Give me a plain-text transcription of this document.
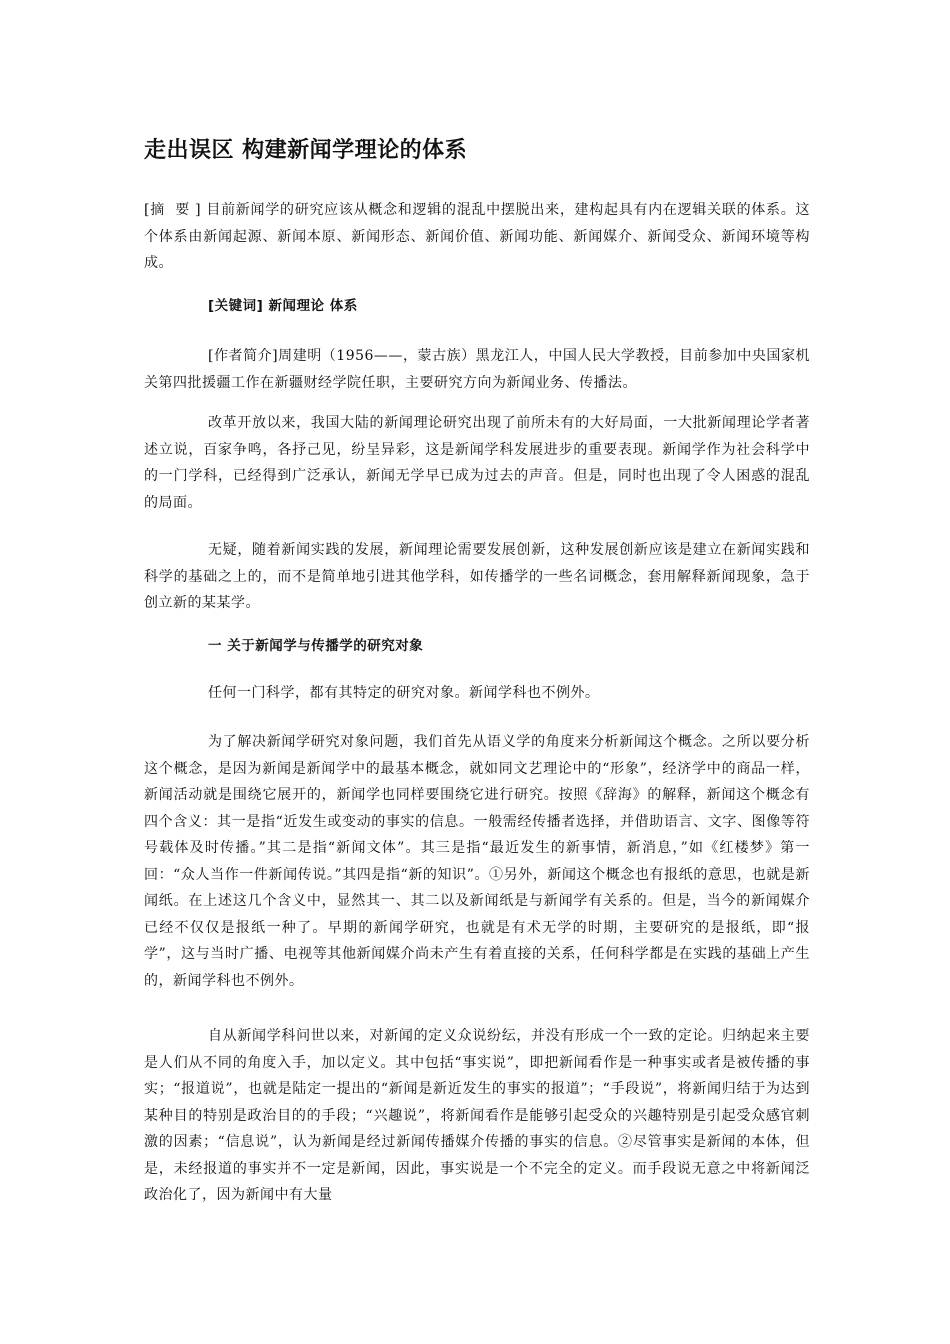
走出误区 构建新闻学理论的体系

[摘  要 ] 目前新闻学的研究应该从概念和逻辑的混乱中摆脱出来，建构起具有内在逻辑关联的体系。这个体系由新闻起源、新闻本原、新闻形态、新闻价值、新闻功能、新闻媒介、新闻受众、新闻环境等构成。

[关键词] 新闻理论 体系

[作者简介]周建明（1956——，蒙古族）黑龙江人，中国人民大学教授，目前参加中央国家机关第四批援疆工作在新疆财经学院任职，主要研究方向为新闻业务、传播法。

改革开放以来，我国大陆的新闻理论研究出现了前所未有的大好局面，一大批新闻理论学者著述立说，百家争鸣，各抒己见，纷呈异彩，这是新闻学科发展进步的重要表现。新闻学作为社会科学中的一门学科，已经得到广泛承认，新闻无学早已成为过去的声音。但是，同时也出现了令人困惑的混乱的局面。

无疑，随着新闻实践的发展，新闻理论需要发展创新，这种发展创新应该是建立在新闻实践和科学的基础之上的，而不是简单地引进其他学科，如传播学的一些名词概念，套用解释新闻现象，急于创立新的某某学。

一 关于新闻学与传播学的研究对象

任何一门科学，都有其特定的研究对象。新闻学科也不例外。

为了解决新闻学研究对象问题，我们首先从语义学的角度来分析新闻这个概念。之所以要分析这个概念，是因为新闻是新闻学中的最基本概念，就如同文艺理论中的“形象”，经济学中的商品一样，新闻活动就是围绕它展开的，新闻学也同样要围绕它进行研究。按照《辞海》的解释，新闻这个概念有四个含义：其一是指“近发生或变动的事实的信息。一般需经传播者选择，并借助语言、文字、图像等符号载体及时传播。”其二是指“新闻文体”。其三是指“最近发生的新事情，新消息，”如《红楼梦》第一回：“众人当作一件新闻传说。”其四是指“新的知识”。①另外，新闻这个概念也有报纸的意思，也就是新闻纸。在上述这几个含义中，显然其一、其二以及新闻纸是与新闻学有关系的。但是，当今的新闻媒介已经不仅仅是报纸一种了。早期的新闻学研究，也就是有术无学的时期，主要研究的是报纸，即“报学”，这与当时广播、电视等其他新闻媒介尚未产生有着直接的关系，任何科学都是在实践的基础上产生的，新闻学科也不例外。

自从新闻学科问世以来，对新闻的定义众说纷纭，并没有形成一个一致的定论。归纳起来主要是人们从不同的角度入手，加以定义。其中包括“事实说”，即把新闻看作是一种事实或者是被传播的事实；“报道说”，也就是陆定一提出的“新闻是新近发生的事实的报道”；“手段说”，将新闻归结于为达到某种目的特别是政治目的的手段；“兴趣说”，将新闻看作是能够引起受众的兴趣特别是引起受众感官刺激的因素；“信息说”，认为新闻是经过新闻传播媒介传播的事实的信息。②尽管事实是新闻的本体，但是，未经报道的事实并不一定是新闻，因此，事实说是一个不完全的定义。而手段说无意之中将新闻泛政治化了，因为新闻中有大量
